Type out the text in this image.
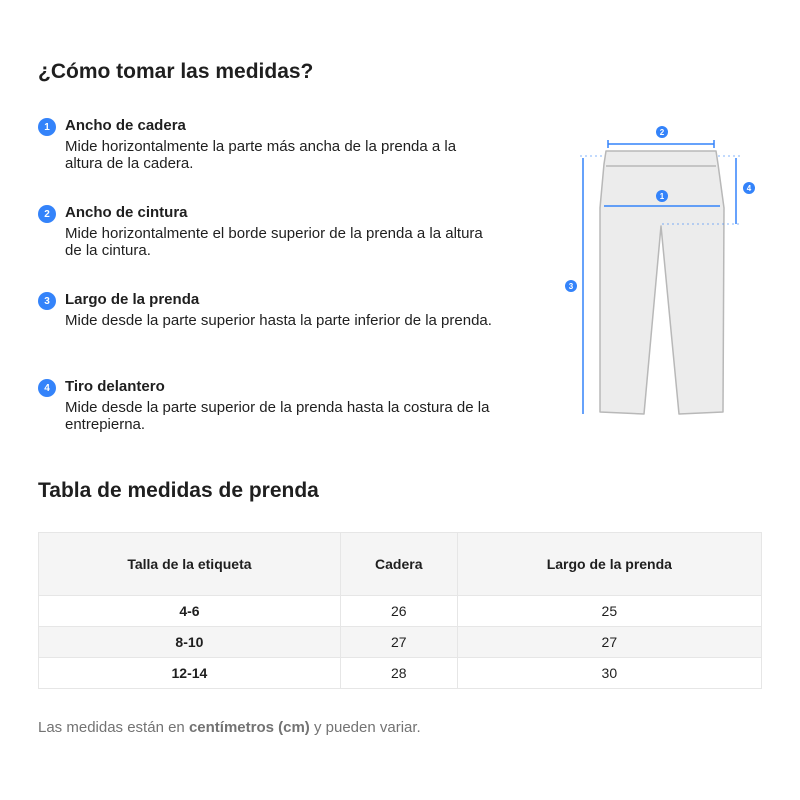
¿Cómo tomar las medidas?
1	Ancho de cadera
Mide horizontalmente la parte más ancha de la prenda a la altura de la cadera.
2	Ancho de cintura
Mide horizontalmente el borde superior de la prenda a la altura de la cintura.
3	Largo de la prenda
Mide desde la parte superior hasta la parte inferior de la prenda.
4	Tiro delantero
Mide desde la parte superior de la prenda hasta la costura de la entrepierna.
1
2
3
4
Tabla de medidas de prenda
Talla de la etiqueta	Cadera	Largo de la prenda
4-6	26	25
8-10	27	27
12-14	28	30
Las medidas están en centímetros (cm) y pueden variar.
